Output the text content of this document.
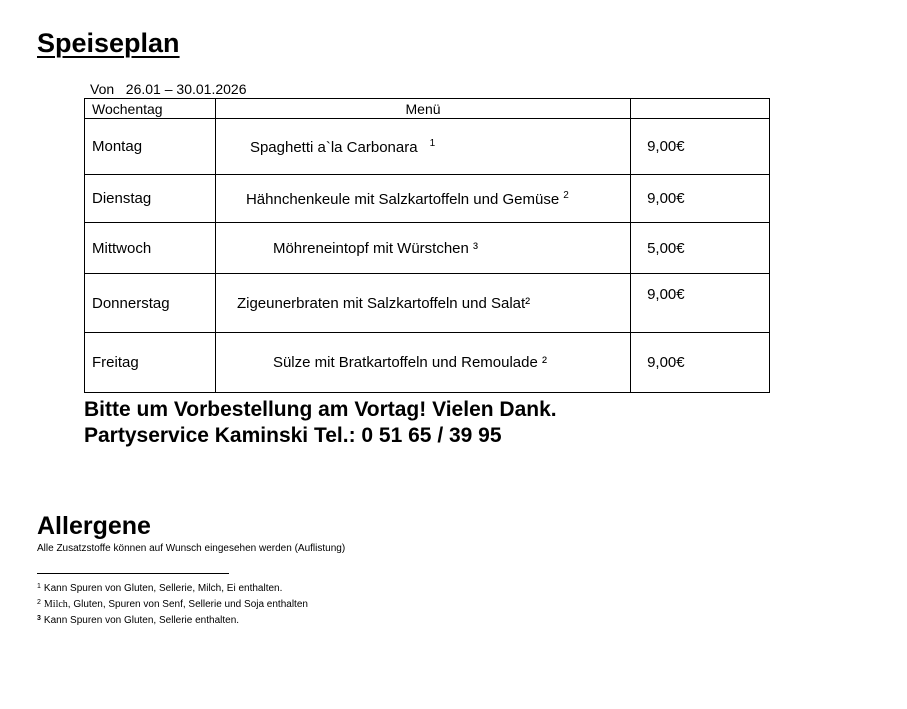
Speiseplan
Von   26.01 – 30.01.2026
Wochentag	Menü	
Montag	Spaghetti a`la Carbonara $^1$	9,00€
Dienstag	Hähnchenkeule mit Salzkartoffeln und Gemüse $^2$	9,00€
Mittwoch	Möhreneintopf mit Würstchen ³	5,00€
Donnerstag	Zigeunerbraten mit Salzkartoffeln und Salat²	9,00€
Freitag	Sülze mit Bratkartoffeln und Remoulade ²	9,00€
Bitte um Vorbestellung am Vortag! Vielen Dank.
Partyservice Kaminski Tel.: 0 51 65 / 39 95
Allergene
Alle Zusatzstoffe können auf Wunsch eingesehen werden (Auflistung)
$^1$ Kann Spuren von Gluten, Sellerie, Milch, Ei enthalten.
$^2$ Milch, Gluten, Spuren von Senf, Sellerie und Soja enthalten
$^3$ Kann Spuren von Gluten, Sellerie enthalten.
